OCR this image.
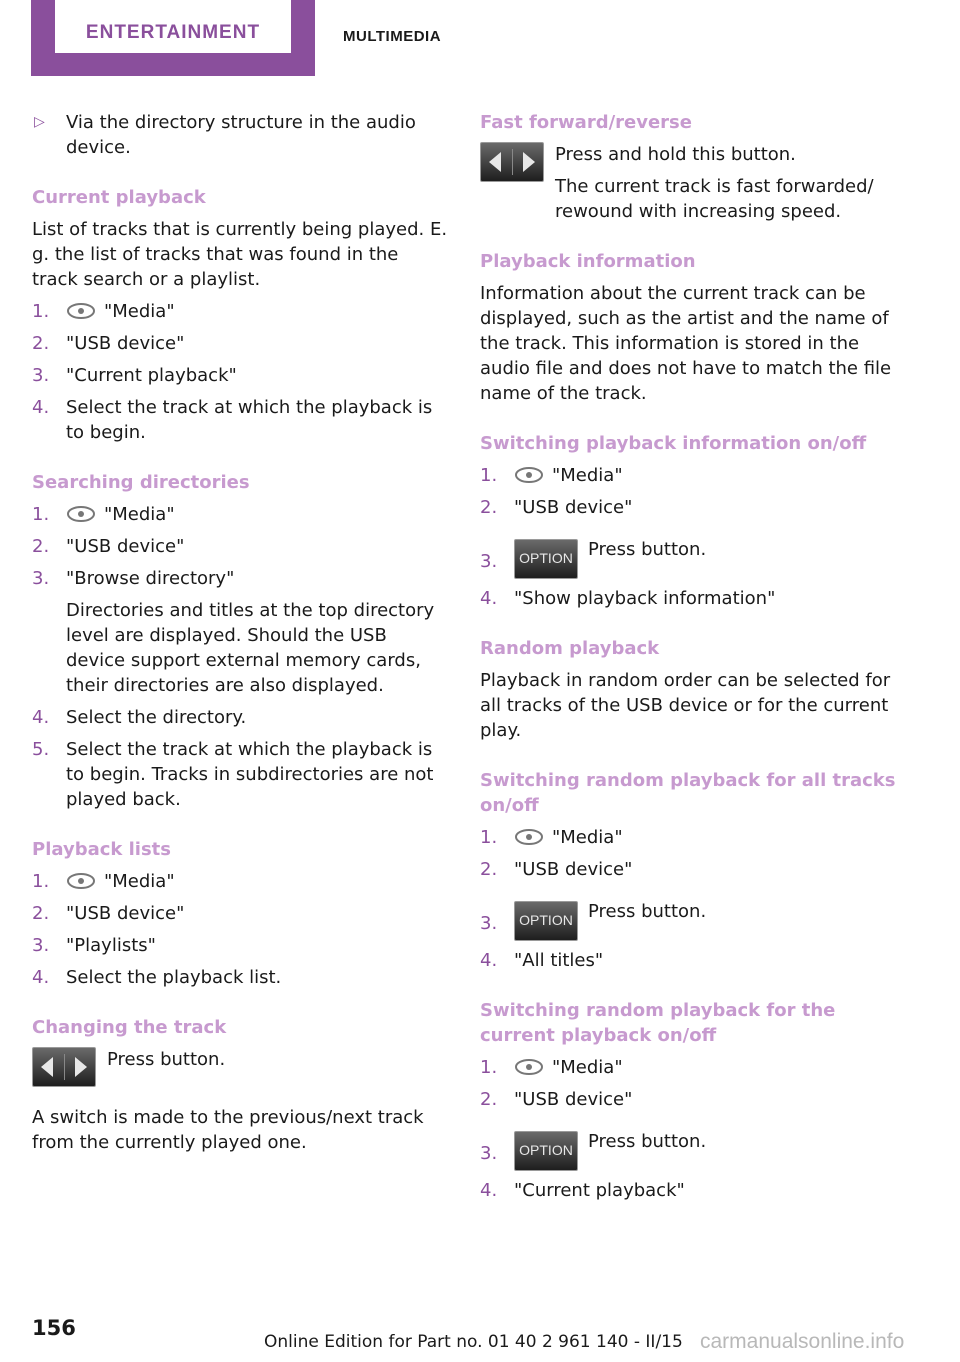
ENTERTAINMENT	MULTIMEDIA
▷ Via the directory structure in the audio device.

Current playback

List of tracks that is currently being played. E. g. the list of tracks that was found in the track search or a playlist.

1.	"Media"
2. "USB device"
3. "Current playback"
4. Select the track at which the playback is to begin.

Searching directories

1.	"Media"
2. "USB device"
3. "Browse directory"
Directories and titles at the top directory level are displayed. Should the USB device support external memory cards, their directories are also displayed.
4. Select the directory.
5. Select the track at which the playback is to begin. Tracks in subdirectories are not played back.

Playback lists

1.	"Media"
2. "USB device"
3. "Playlists"
4. Select the playback list.

Changing the track

Press button.

A switch is made to the previous/next track from the currently played one.

Fast forward/reverse

Press and hold this button.

The current track is fast forwarded/ rewound with increasing speed.

Playback information

Information about the current track can be displayed, such as the artist and the name of the track. This information is stored in the audio file and does not have to match the file name of the track.

Switching playback information on/off

1.	"Media"
2. "USB device"
3. OPTION Press button.
4. "Show playback information"

Random playback

Playback in random order can be selected for all tracks of the USB device or for the current play.

Switching random playback for all tracks on/off

1.	"Media"
2. "USB device"
3. OPTION Press button.
4. "All titles"

Switching random playback for the current playback on/off

1.	"Media"
2. "USB device"
3. OPTION Press button.
4. "Current playback"
156
Online Edition for Part no. 01 40 2 961 140 - II/15 carmanualsonline.info
